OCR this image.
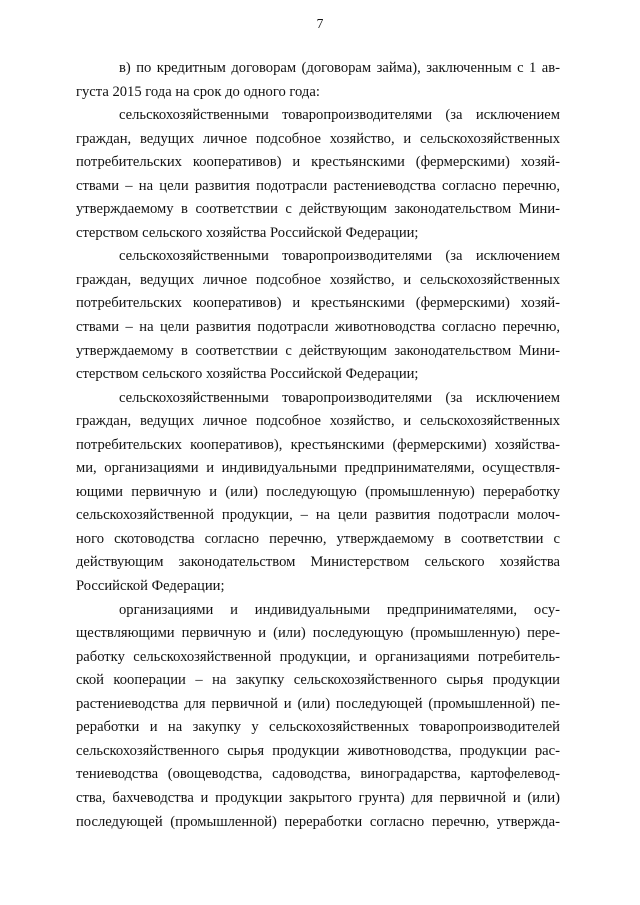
7
в) по кредитным договорам (договорам займа), заключенным с 1 ав-
густа 2015 года на срок до одного года:
сельскохозяйственными товаропроизводителями (за исключением
граждан, ведущих личное подсобное хозяйство, и сельскохозяйственных
потребительских кооперативов) и крестьянскими (фермерскими) хозяй-
ствами – на цели развития подотрасли растениеводства согласно перечню,
утверждаемому в соответствии с действующим законодательством Мини-
стерством сельского хозяйства Российской Федерации;
сельскохозяйственными товаропроизводителями (за исключением
граждан, ведущих личное подсобное хозяйство, и сельскохозяйственных
потребительских кооперативов) и крестьянскими (фермерскими) хозяй-
ствами – на цели развития подотрасли животноводства согласно перечню,
утверждаемому в соответствии с действующим законодательством Мини-
стерством сельского хозяйства Российской Федерации;
сельскохозяйственными товаропроизводителями (за исключением
граждан, ведущих личное подсобное хозяйство, и сельскохозяйственных
потребительских кооперативов), крестьянскими (фермерскими) хозяйства-
ми, организациями и индивидуальными предпринимателями, осуществля-
ющими первичную и (или) последующую (промышленную) переработку
сельскохозяйственной продукции, – на цели развития подотрасли молоч-
ного скотоводства согласно перечню, утверждаемому в соответствии с
действующим законодательством Министерством сельского хозяйства
Российской Федерации;
организациями и индивидуальными предпринимателями, осу-
ществляющими первичную и (или) последующую (промышленную) пере-
работку сельскохозяйственной продукции, и организациями потребитель-
ской кооперации – на закупку сельскохозяйственного сырья продукции
растениеводства для первичной и (или) последующей (промышленной) пе-
реработки и на закупку у сельскохозяйственных товаропроизводителей
сельскохозяйственного сырья продукции животноводства, продукции рас-
тениеводства (овощеводства, садоводства, виноградарства, картофелевод-
ства, бахчеводства и продукции закрытого грунта) для первичной и (или)
последующей (промышленной) переработки согласно перечню, утвержда-
